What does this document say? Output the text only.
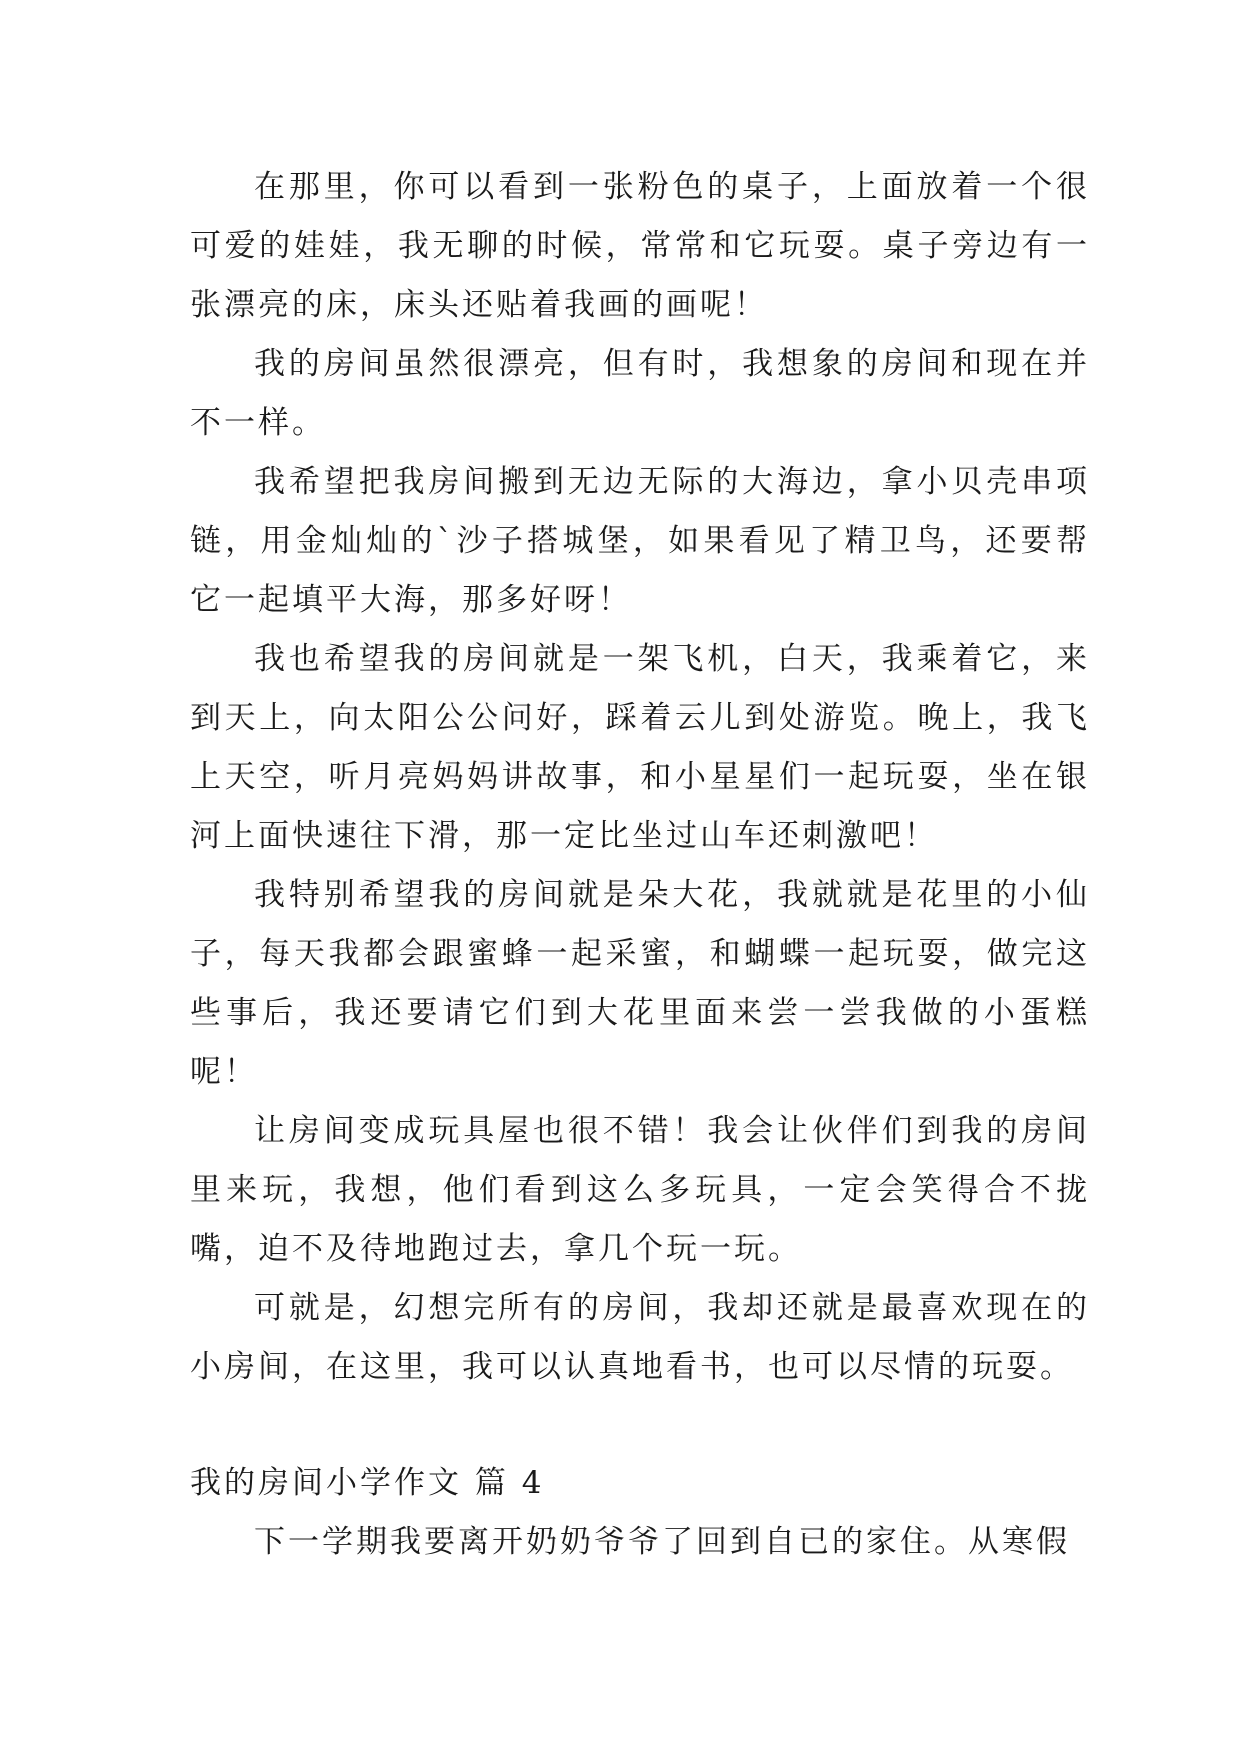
在那里，你可以看到一张粉色的桌子，上面放着一个很可爱的娃娃，我无聊的时候，常常和它玩耍。桌子旁边有一张漂亮的床，床头还贴着我画的画呢！

我的房间虽然很漂亮，但有时，我想象的房间和现在并不一样。

我希望把我房间搬到无边无际的大海边，拿小贝壳串项链，用金灿灿的`沙子搭城堡，如果看见了精卫鸟，还要帮它一起填平大海，那多好呀！

我也希望我的房间就是一架飞机，白天，我乘着它，来到天上，向太阳公公问好，踩着云儿到处游览。晚上，我飞上天空，听月亮妈妈讲故事，和小星星们一起玩耍，坐在银河上面快速往下滑，那一定比坐过山车还刺激吧！

我特别希望我的房间就是朵大花，我就就是花里的小仙子，每天我都会跟蜜蜂一起采蜜，和蝴蝶一起玩耍，做完这些事后，我还要请它们到大花里面来尝一尝我做的小蛋糕呢！

让房间变成玩具屋也很不错！我会让伙伴们到我的房间里来玩，我想，他们看到这么多玩具，一定会笑得合不拢嘴，迫不及待地跑过去，拿几个玩一玩。

可就是，幻想完所有的房间，我却还就是最喜欢现在的小房间，在这里，我可以认真地看书，也可以尽情的玩耍。

我的房间小学作文 篇 4

下一学期我要离开奶奶爷爷了回到自已的家住。从寒假
